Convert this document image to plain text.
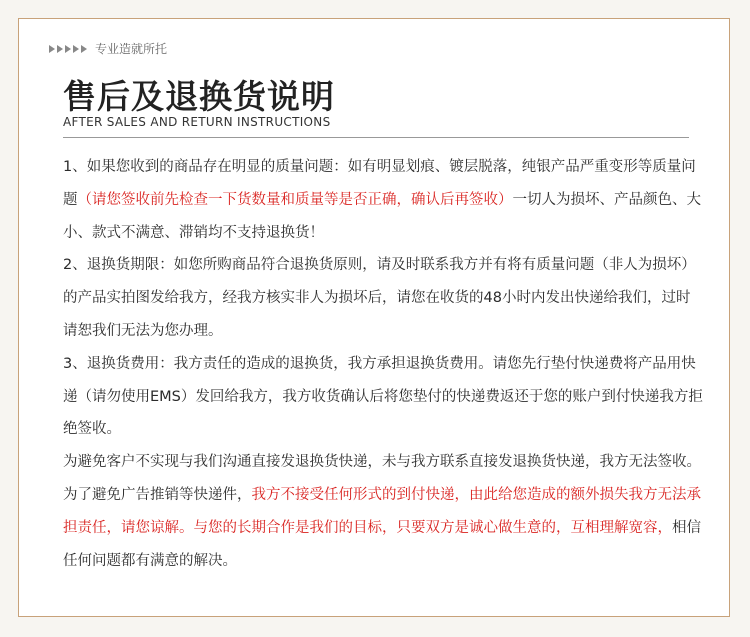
专业造就所托
售后及退换货说明
AFTER SALES AND RETURN INSTRUCTIONS

1、如果您收到的商品存在明显的质量问题：如有明显划痕、镀层脱落，纯银产品严重变形等质量问题（请您签收前先检查一下货数量和质量等是否正确，确认后再签收）一切人为损坏、产品颜色、大小、款式不满意、滞销均不支持退换货！

2、退换货期限：如您所购商品符合退换货原则，请及时联系我方并有将有质量问题（非人为损坏）的产品实拍图发给我方，经我方核实非人为损坏后，请您在收货的48小时内发出快递给我们，过时请恕我们无法为您办理。

3、退换货费用：我方责任的造成的退换货，我方承担退换货费用。请您先行垫付快递费将产品用快递（请勿使用EMS）发回给我方，我方收货确认后将您垫付的快递费返还于您的账户到付快递我方拒绝签收。

为避免客户不实现与我们沟通直接发退换货快递，未与我方联系直接发退换货快递，我方无法签收。为了避免广告推销等快递件，我方不接受任何形式的到付快递，由此给您造成的额外损失我方无法承担责任，请您谅解。与您的长期合作是我们的目标，只要双方是诚心做生意的，互相理解宽容，相信任何问题都有满意的解决。
